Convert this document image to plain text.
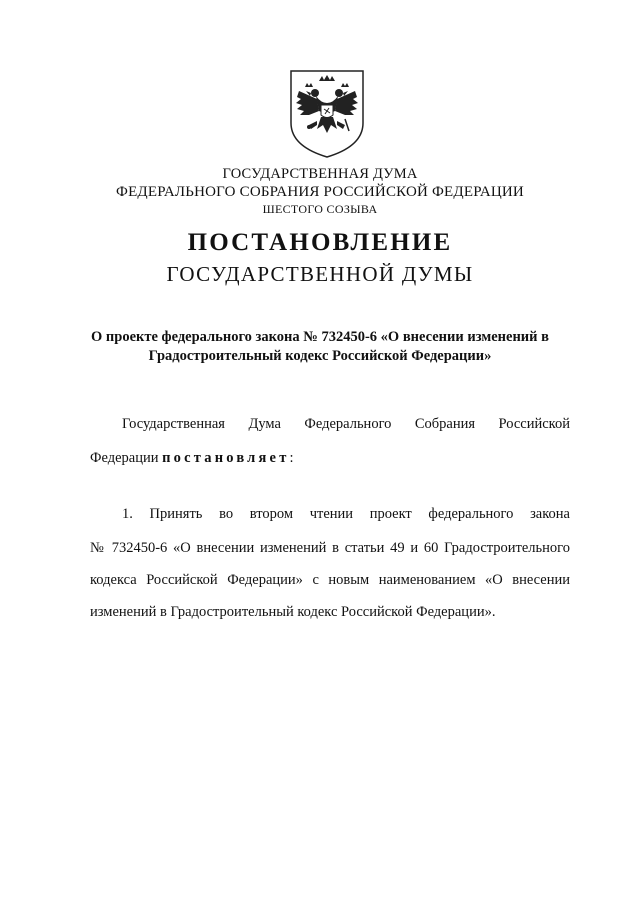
ГОСУДАРСТВЕННАЯ ДУМА
ФЕДЕРАЛЬНОГО СОБРАНИЯ РОССИЙСКОЙ ФЕДЕРАЦИИ
ШЕСТОГО СОЗЫВА
ПОСТАНОВЛЕНИЕ
ГОСУДАРСТВЕННОЙ ДУМЫ
О проекте федерального закона № 732450-6 «О внесении изменений в
Градостроительный кодекс Российской Федерации»
Государственная Дума Федерального Собрания Российской
Федерации постановляет:
1. Принять во втором чтении проект федерального закона
№ 732450-6 «О внесении изменений в статьи 49 и 60 Градостроительного
кодекса Российской Федерации» с новым наименованием «О внесении
изменений в Градостроительный кодекс Российской Федерации».
